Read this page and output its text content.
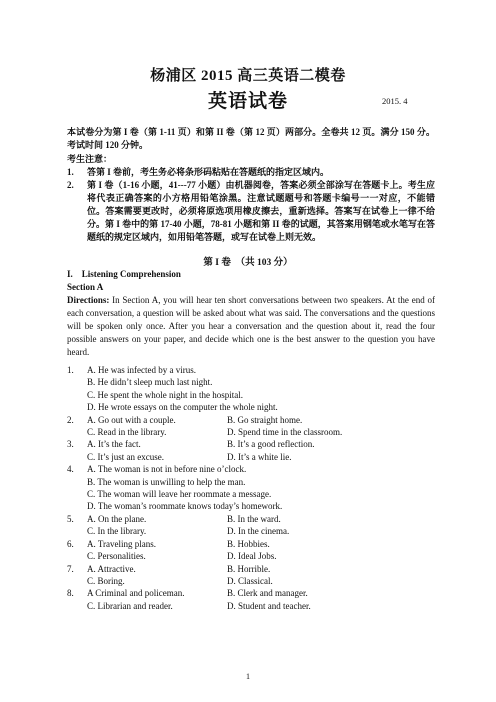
杨浦区 2015 高三英语二模卷
英语试卷	2015. 4
本试卷分为第 I 卷（第 1-11 页）和第 II 卷（第 12 页）两部分。全卷共 12 页。满分 150 分。考试时间 120 分钟。
考生注意：
1.	答第 I 卷前，考生务必将条形码粘贴在答题纸的指定区域内。
2.	第 I 卷（1-16 小题，41---77 小题）由机器阅卷，答案必须全部涂写在答题卡上。考生应将代表正确答案的小方格用铅笔涂黑。注意试题题号和答题卡编号一一对应，不能错位。答案需要更改时，必须将原选项用橡皮擦去，重新选择。答案写在试卷上一律不给分。第 I 卷中的第 17-40 小题，78-81 小题和第 II 卷的试题，其答案用钢笔或水笔写在答题纸的规定区域内，如用铅笔答题，或写在试卷上则无效。
第 I 卷　（共 103 分）
I.　Listening Comprehension
Section A
Directions: In Section A, you will hear ten short conversations between two speakers. At the end of each conversation, a question will be asked about what was said. The conversations and the questions will be spoken only once. After you hear a conversation and the question about it, read the four possible answers on your paper, and decide which one is the best answer to the question you have heard.
1.	A. He was infected by a virus.
B. He didn’t sleep much last night.
C. He spent the whole night in the hospital.
D. He wrote essays on the computer the whole night.
2.	A. Go out with a couple.	B. Go straight home.
C. Read in the library.	D. Spend time in the classroom.
3.	A. It’s the fact.	B. It’s a good reflection.
C. It’s just an excuse.	D. It’s a white lie.
4.	A. The woman is not in before nine o’clock.
B. The woman is unwilling to help the man.
C. The woman will leave her roommate a message.
D. The woman’s roommate knows today’s homework.
5.	A. On the plane.	B. In the ward.
C. In the library.	D. In the cinema.
6.	A. Traveling plans.	B. Hobbies.
C. Personalities.	D. Ideal Jobs.
7.	A. Attractive.	B. Horrible.
C. Boring.	D. Classical.
8.	A Criminal and policeman.	B. Clerk and manager.
C. Librarian and reader.	D. Student and teacher.
1
